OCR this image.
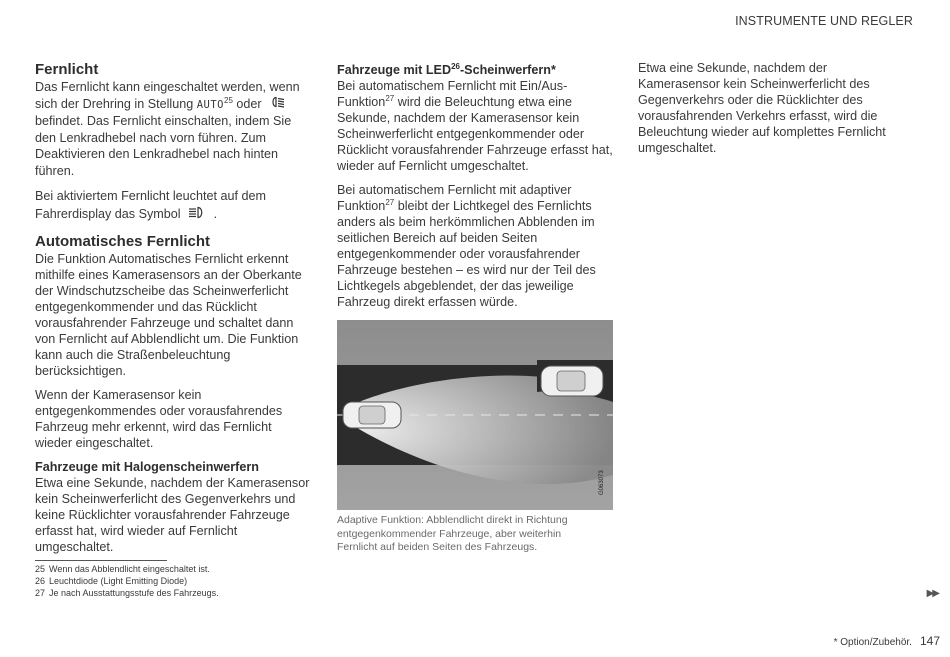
INSTRUMENTE UND REGLER
Fernlicht

Das Fernlicht kann eingeschaltet werden, wenn sich der Drehring in Stellung AUTO$^{25}$ oder  befindet. Das Fernlicht einschalten, indem Sie den Lenkradhebel nach vorn führen. Zum Deaktivieren den Lenkradhebel nach hinten führen.

Bei aktiviertem Fernlicht leuchtet auf dem Fahrerdisplay das Symbol	.

Automatisches Fernlicht

Die Funktion Automatisches Fernlicht erkennt mithilfe eines Kamerasensors an der Oberkante der Windschutzscheibe das Scheinwerferlicht entgegenkommender und das Rücklicht vorausfahrender Fahrzeuge und schaltet dann von Fernlicht auf Abblendlicht um. Die Funktion kann auch die Straßenbeleuchtung berücksichtigen.

Wenn der Kamerasensor kein entgegenkommendes oder vorausfahrendes Fahrzeug mehr erkennt, wird das Fernlicht wieder eingeschaltet.

Fahrzeuge mit Halogenscheinwerfern

Etwa eine Sekunde, nachdem der Kamerasensor kein Scheinwerferlicht des Gegenverkehrs und keine Rücklichter vorausfahrender Fahrzeuge erfasst hat, wird wieder auf Fernlicht umgeschaltet.

Fahrzeuge mit LED$^{26}$-Scheinwerfern*

Bei automatischem Fernlicht mit Ein/Aus-Funktion$^{27}$ wird die Beleuchtung etwa eine Sekunde, nachdem der Kamerasensor kein Scheinwerferlicht entgegenkommender oder Rücklicht vorausfahrender Fahrzeuge erfasst hat, wieder auf Fernlicht umgeschaltet.

Bei automatischem Fernlicht mit adaptiver Funktion$^{27}$ bleibt der Lichtkegel des Fernlichts anders als beim herkömmlichen Abblenden im seitlichen Bereich auf beiden Seiten entgegenkommender oder vorausfahrender Fahrzeuge bestehen – es wird nur der Teil des Lichtkegels abgeblendet, der das jeweilige Fahrzeug direkt erfassen würde.

G063073
Adaptive Funktion: Abblendlicht direkt in Richtung entgegenkommender Fahrzeuge, aber weiterhin Fernlicht auf beiden Seiten des Fahrzeugs.

Etwa eine Sekunde, nachdem der Kamerasensor kein Scheinwerferlicht des Gegenverkehrs oder die Rücklichter des vorausfahrenden Verkehrs erfasst, wird die Beleuchtung wieder auf komplettes Fernlicht umgeschaltet.

25 Wenn das Abblendlicht eingeschaltet ist.
26 Leuchtdiode (Light Emitting Diode)
27 Je nach Ausstattungsstufe des Fahrzeugs.	▶▶
* Option/Zubehör. 147
